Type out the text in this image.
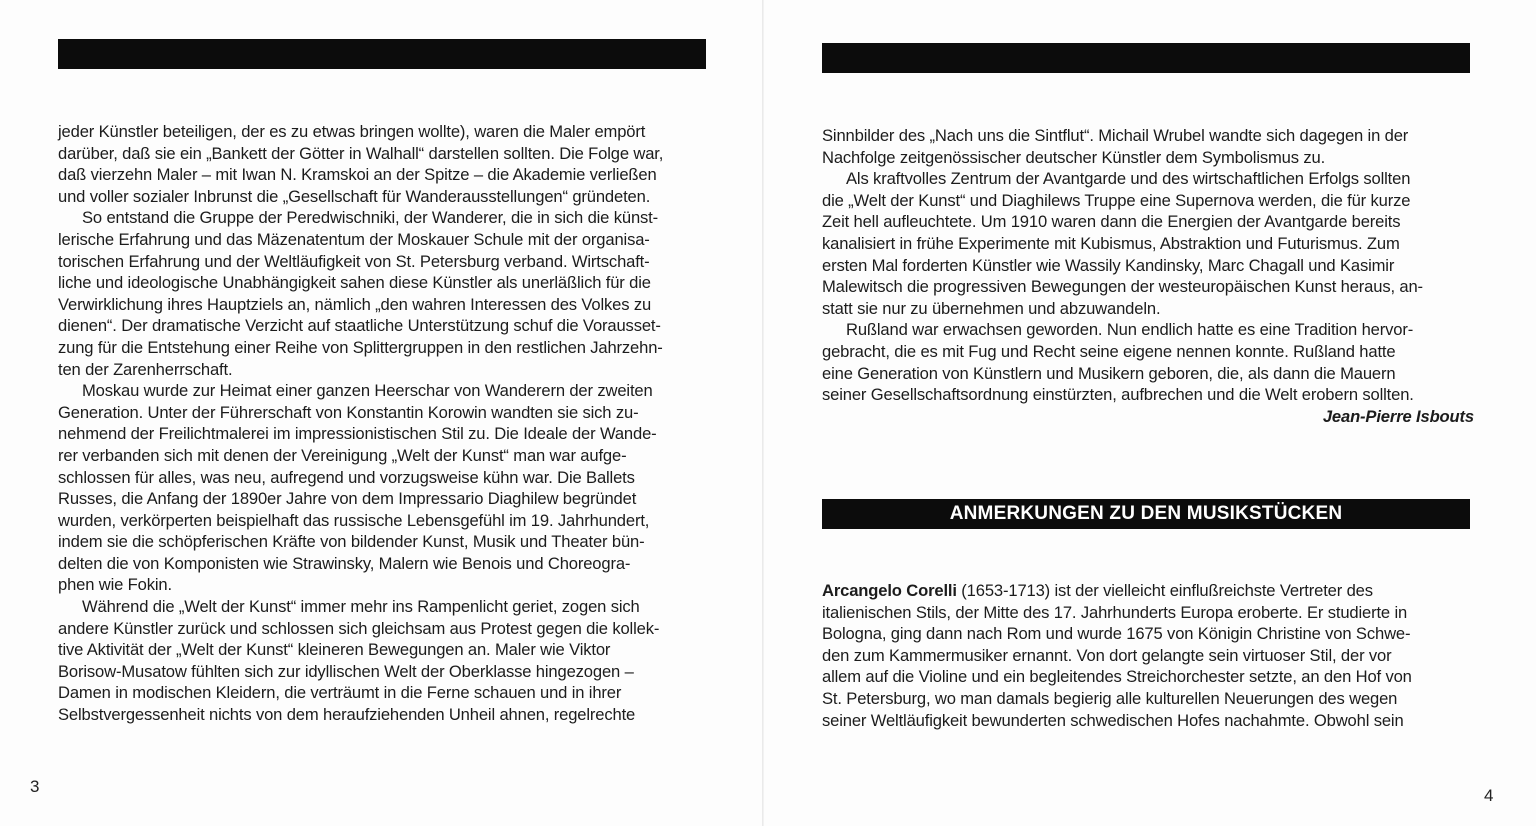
jeder Künstler beteiligen, der es zu etwas bringen wollte), waren die Maler empört
darüber, daß sie ein „Bankett der Götter in Walhall“ darstellen sollten. Die Folge war,
daß vierzehn Maler – mit Iwan N. Kramskoi an der Spitze – die Akademie verließen
und voller sozialer Inbrunst die „Gesellschaft für Wanderausstellungen“ gründeten.
So entstand die Gruppe der Peredwischniki, der Wanderer, die in sich die künst-
lerische Erfahrung und das Mäzenatentum der Moskauer Schule mit der organisa-
torischen Erfahrung und der Weltläufigkeit von St. Petersburg verband. Wirtschaft-
liche und ideologische Unabhängigkeit sahen diese Künstler als unerläßlich für die
Verwirklichung ihres Hauptziels an, nämlich „den wahren Interessen des Volkes zu
dienen“. Der dramatische Verzicht auf staatliche Unterstützung schuf die Vorausset-
zung für die Entstehung einer Reihe von Splittergruppen in den restlichen Jahrzehn-
ten der Zarenherrschaft.
Moskau wurde zur Heimat einer ganzen Heerschar von Wanderern der zweiten
Generation. Unter der Führerschaft von Konstantin Korowin wandten sie sich zu-
nehmend der Freilichtmalerei im impressionistischen Stil zu. Die Ideale der Wande-
rer verbanden sich mit denen der Vereinigung „Welt der Kunst“ man war aufge-
schlossen für alles, was neu, aufregend und vorzugsweise kühn war. Die Ballets
Russes, die Anfang der 1890er Jahre von dem Impressario Diaghilew begründet
wurden, verkörperten beispielhaft das russische Lebensgefühl im 19. Jahrhundert,
indem sie die schöpferischen Kräfte von bildender Kunst, Musik und Theater bün-
delten die von Komponisten wie Strawinsky, Malern wie Benois und Choreogra-
phen wie Fokin.
Während die „Welt der Kunst“ immer mehr ins Rampenlicht geriet, zogen sich
andere Künstler zurück und schlossen sich gleichsam aus Protest gegen die kollek-
tive Aktivität der „Welt der Kunst“ kleineren Bewegungen an. Maler wie Viktor
Borisow-Musatow fühlten sich zur idyllischen Welt der Oberklasse hingezogen –
Damen in modischen Kleidern, die verträumt in die Ferne schauen und in ihrer
Selbstvergessenheit nichts von dem heraufziehenden Unheil ahnen, regelrechte
3
Sinnbilder des „Nach uns die Sintflut“. Michail Wrubel wandte sich dagegen in der
Nachfolge zeitgenössischer deutscher Künstler dem Symbolismus zu.
Als kraftvolles Zentrum der Avantgarde und des wirtschaftlichen Erfolgs sollten
die „Welt der Kunst“ und Diaghilews Truppe eine Supernova werden, die für kurze
Zeit hell aufleuchtete. Um 1910 waren dann die Energien der Avantgarde bereits
kanalisiert in frühe Experimente mit Kubismus, Abstraktion und Futurismus. Zum
ersten Mal forderten Künstler wie Wassily Kandinsky, Marc Chagall und Kasimir
Malewitsch die progressiven Bewegungen der westeuropäischen Kunst heraus, an-
statt sie nur zu übernehmen und abzuwandeln.
Rußland war erwachsen geworden. Nun endlich hatte es eine Tradition hervor-
gebracht, die es mit Fug und Recht seine eigene nennen konnte. Rußland hatte
eine Generation von Künstlern und Musikern geboren, die, als dann die Mauern
seiner Gesellschaftsordnung einstürzten, aufbrechen und die Welt erobern sollten.
Jean-Pierre Isbouts
ANMERKUNGEN ZU DEN MUSIKSTÜCKEN
Arcangelo Corelli (1653-1713) ist der vielleicht einflußreichste Vertreter des
italienischen Stils, der Mitte des 17. Jahrhunderts Europa eroberte. Er studierte in
Bologna, ging dann nach Rom und wurde 1675 von Königin Christine von Schwe-
den zum Kammermusiker ernannt. Von dort gelangte sein virtuoser Stil, der vor
allem auf die Violine und ein begleitendes Streichorchester setzte, an den Hof von
St. Petersburg, wo man damals begierig alle kulturellen Neuerungen des wegen
seiner Weltläufigkeit bewunderten schwedischen Hofes nachahmte. Obwohl sein
4
